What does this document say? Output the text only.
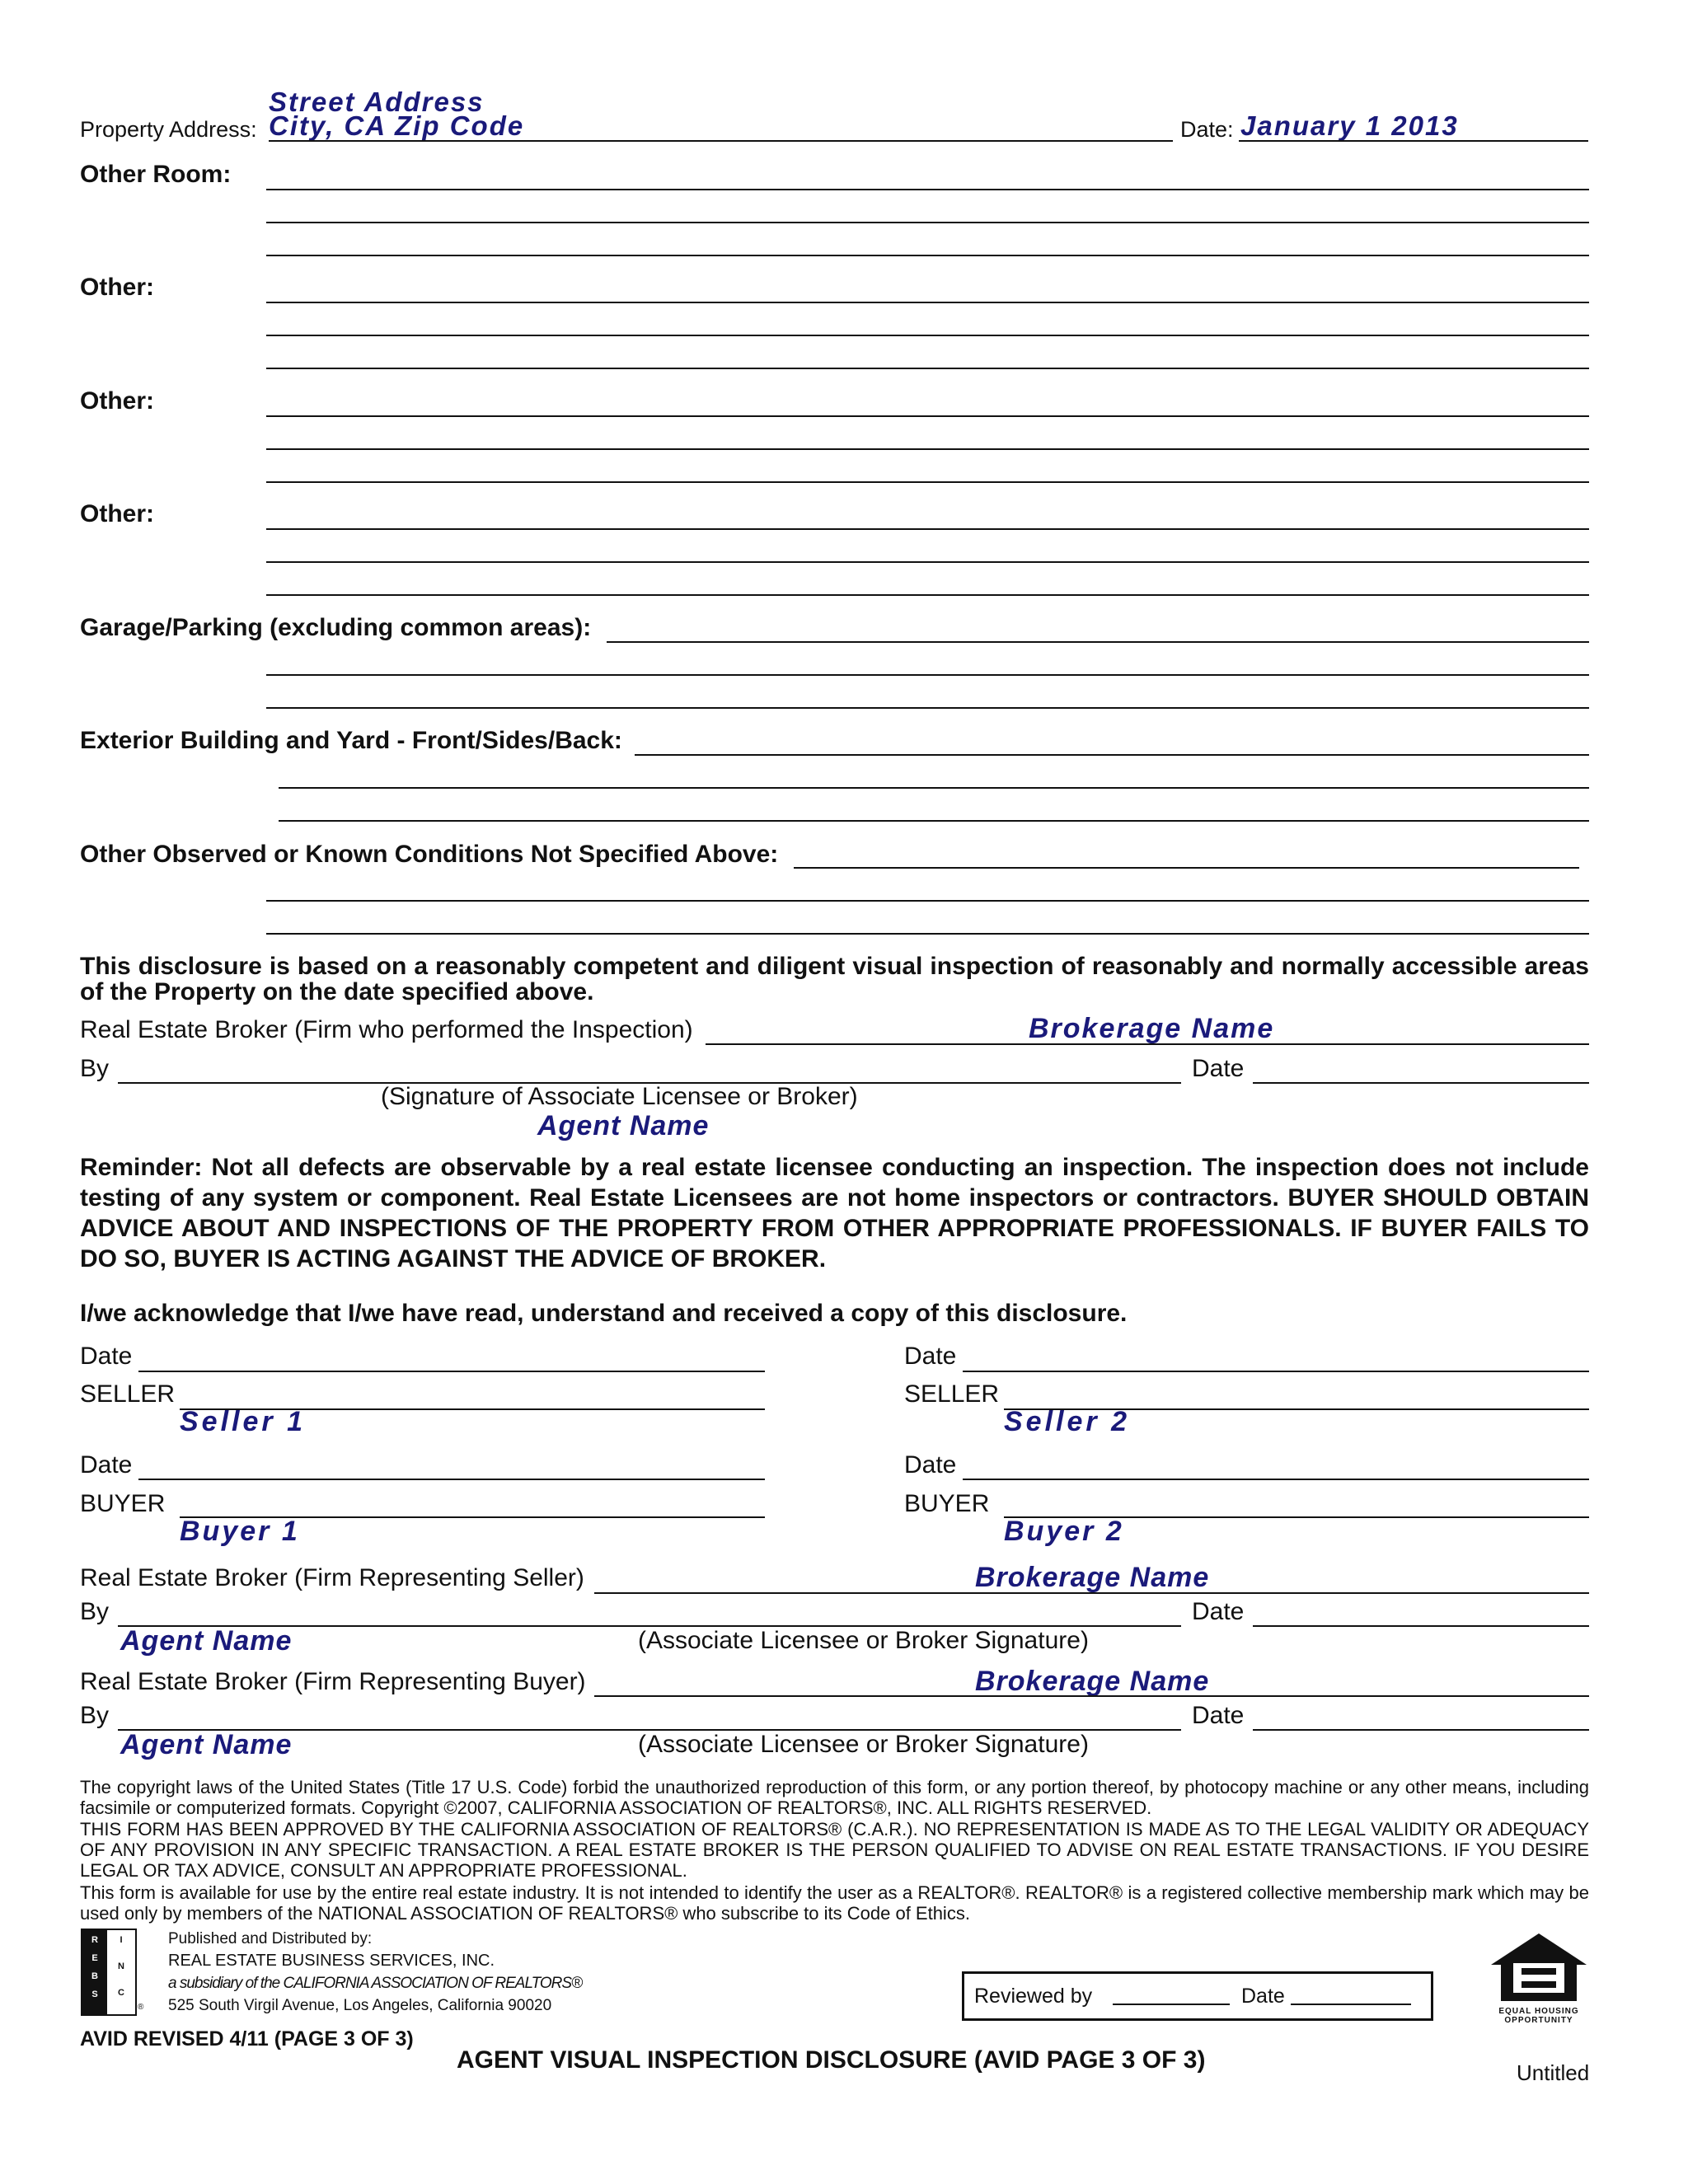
Street Address
Property Address: City, CA Zip Code	Date: January 1 2013
Other Room:
Other:
Other:
Other:
Garage/Parking (excluding common areas):
Exterior Building and Yard - Front/Sides/Back:
Other Observed or Known Conditions Not Specified Above:
This disclosure is based on a reasonably competent and diligent visual inspection of reasonably and normally accessible areas of the Property on the date specified above.
Real Estate Broker (Firm who performed the Inspection)	Brokerage Name
By	Date
(Signature of Associate Licensee or Broker)
Agent Name
Reminder: Not all defects are observable by a real estate licensee conducting an inspection. The inspection does not include testing of any system or component. Real Estate Licensees are not home inspectors or contractors. BUYER SHOULD OBTAIN ADVICE ABOUT AND INSPECTIONS OF THE PROPERTY FROM OTHER APPROPRIATE PROFESSIONALS. IF BUYER FAILS TO DO SO, BUYER IS ACTING AGAINST THE ADVICE OF BROKER.
I/we acknowledge that I/we have read, understand and received a copy of this disclosure.
Date
SELLER
Seller 1
Date
SELLER
Seller 2
Date
BUYER
Buyer 1
Date
BUYER
Buyer 2
Real Estate Broker (Firm Representing Seller)	Brokerage Name
By	Date
Agent Name	(Associate Licensee or Broker Signature)
Real Estate Broker (Firm Representing Buyer)	Brokerage Name
By	Date
Agent Name	(Associate Licensee or Broker Signature)
The copyright laws of the United States (Title 17 U.S. Code) forbid the unauthorized reproduction of this form, or any portion thereof, by photocopy machine or any other means, including facsimile or computerized formats. Copyright ©2007, CALIFORNIA ASSOCIATION OF REALTORS®, INC. ALL RIGHTS RESERVED.
THIS FORM HAS BEEN APPROVED BY THE CALIFORNIA ASSOCIATION OF REALTORS® (C.A.R.). NO REPRESENTATION IS MADE AS TO THE LEGAL VALIDITY OR ADEQUACY OF ANY PROVISION IN ANY SPECIFIC TRANSACTION. A REAL ESTATE BROKER IS THE PERSON QUALIFIED TO ADVISE ON REAL ESTATE TRANSACTIONS. IF YOU DESIRE LEGAL OR TAX ADVICE, CONSULT AN APPROPRIATE PROFESSIONAL.
This form is available for use by the entire real estate industry. It is not intended to identify the user as a REALTOR®. REALTOR® is a registered collective membership mark which may be used only by members of the NATIONAL ASSOCIATION OF REALTORS® who subscribe to its Code of Ethics.
R
E
B
S
I
N
C
®
Published and Distributed by:
REAL ESTATE BUSINESS SERVICES, INC.
a subsidiary of the CALIFORNIA ASSOCIATION OF REALTORS®
525 South Virgil Avenue, Los Angeles, California 90020	Reviewed by	Date
EQUAL HOUSING
OPPORTUNITY
AVID REVISED 4/11 (PAGE 3 OF 3)
AGENT VISUAL INSPECTION DISCLOSURE (AVID PAGE 3 OF 3)	Untitled
